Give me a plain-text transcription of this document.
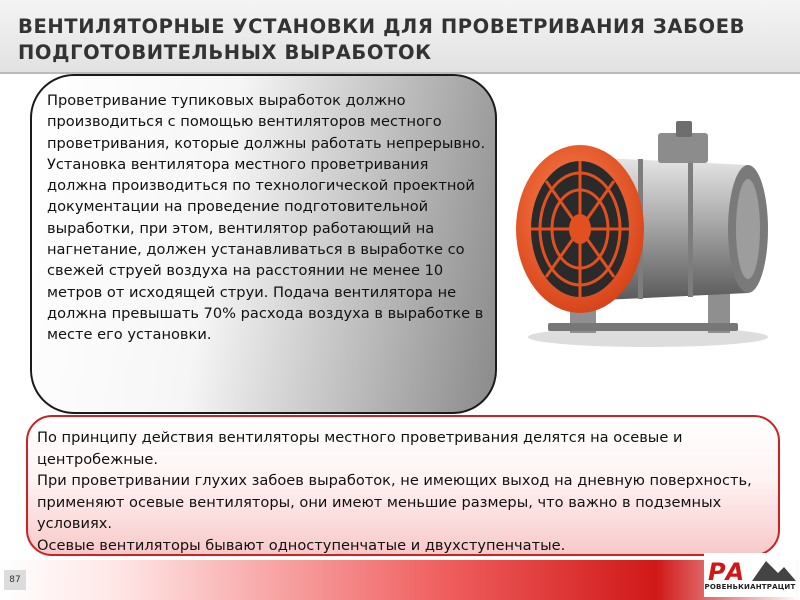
ВЕНТИЛЯТОРНЫЕ УСТАНОВКИ ДЛЯ ПРОВЕТРИВАНИЯ ЗАБОЕВ ПОДГОТОВИТЕЛЬНЫХ ВЫРАБОТОК

Проветривание тупиковых выработок должно производиться с помощью вентиляторов местного проветривания, которые должны работать непрерывно.

Установка вентилятора местного проветривания должна производиться по технологической проектной документации на проведение подготовительной выработки, при этом, вентилятор работающий на нагнетание, должен устанавливаться в выработке со свежей струей воздуха на расстоянии не менее 10 метров от исходящей струи. Подача вентилятора не должна превышать 70% расхода воздуха в выработке в месте его установки.

По принципу действия вентиляторы местного проветривания делятся на осевые и центробежные.

При проветривании глухих забоев выработок, не имеющих выход на дневную поверхность, применяют осевые вентиляторы, они имеют меньшие размеры, что важно в подземных условиях.

Осевые вентиляторы бывают одноступенчатые и двухступенчатые.

87	РА
РОВЕНЬКИАНТРАЦИТ
